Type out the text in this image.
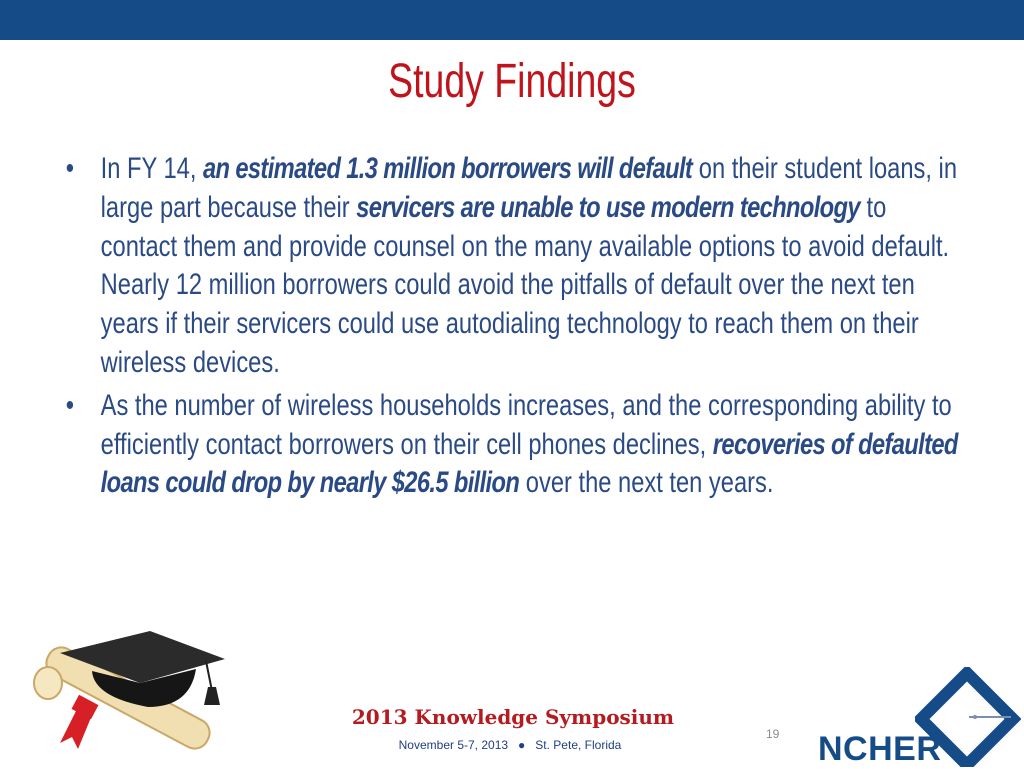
Study Findings
• In FY 14, an estimated 1.3 million borrowers will default on their student loans, in large part because their servicers are unable to use modern technology to contact them and provide counsel on the many available options to avoid default. Nearly 12 million borrowers could avoid the pitfalls of default over the next ten years if their servicers could use autodialing technology to reach them on their wireless devices.
• As the number of wireless households increases, and the corresponding ability to efficiently contact borrowers on their cell phones declines, recoveries of defaulted loans could drop by nearly $26.5 billion over the next ten years.
2013 Knowledge Symposium
November 5-7, 2013 ● St. Pete, Florida
19 NCHER
